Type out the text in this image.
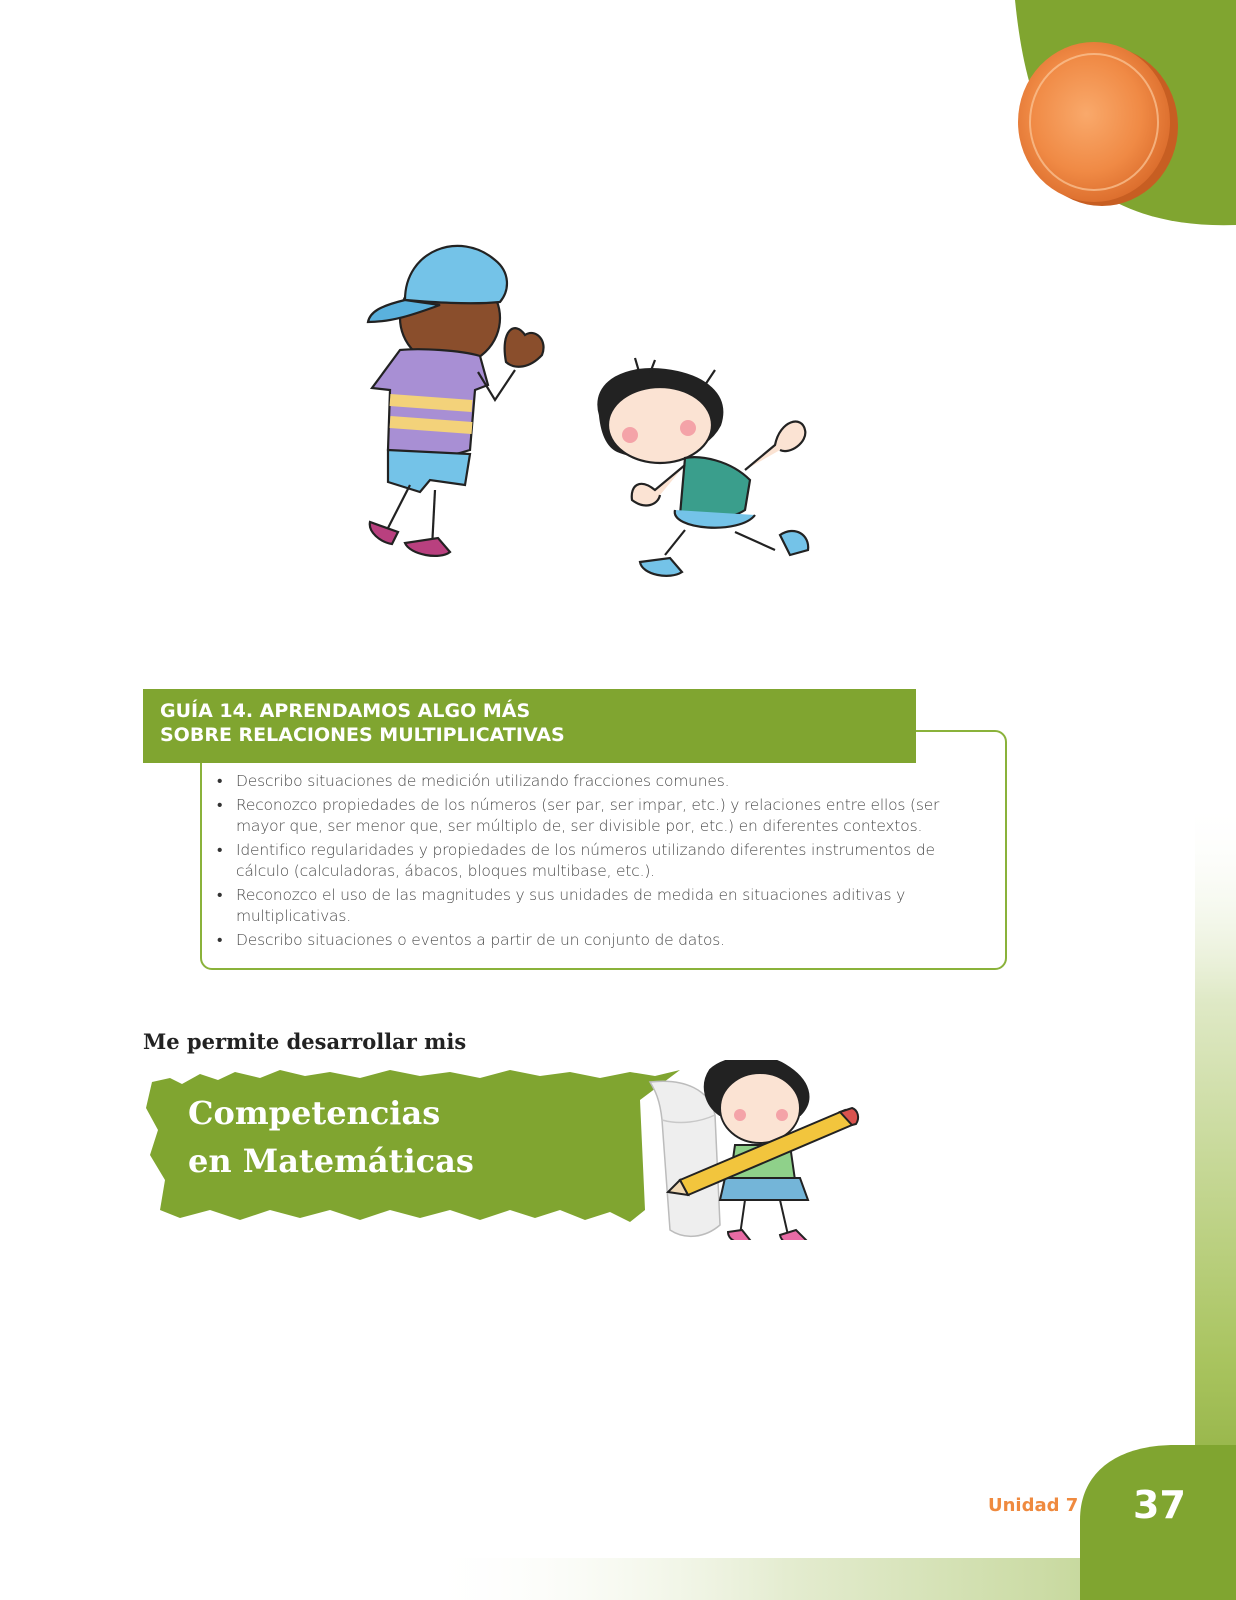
GUÍA 14. APRENDAMOS ALGO MÁS
SOBRE RELACIONES MULTIPLICATIVAS
• Describo situaciones de medición utilizando fracciones comunes.
• Reconozco propiedades de los números (ser par, ser impar, etc.) y relaciones entre ellos (ser mayor que, ser menor que, ser múltiplo de, ser divisible por, etc.) en diferentes contextos.
• Identifico regularidades y propiedades de los números utilizando diferentes instrumentos de cálculo (calculadoras, ábacos, bloques multibase, etc.).
• Reconozco el uso de las magnitudes y sus unidades de medida en situaciones aditivas y multiplicativas.
• Describo situaciones o eventos a partir de un conjunto de datos.
Me permite desarrollar mis
Competencias
en Matemáticas
Unidad 7 37
